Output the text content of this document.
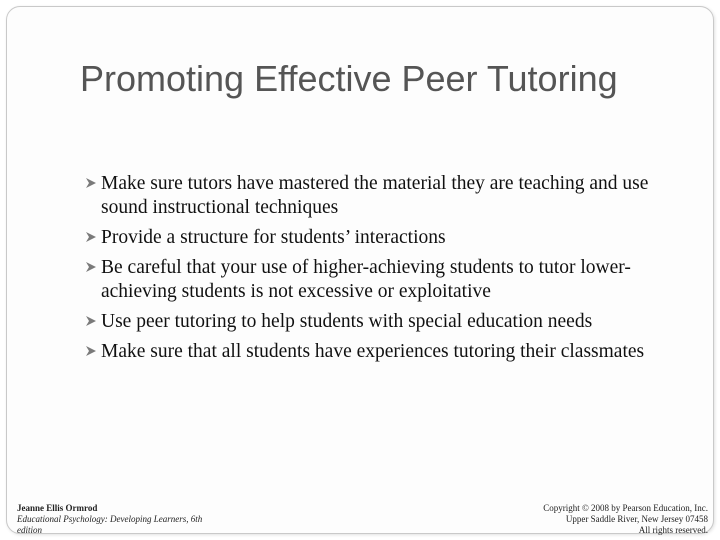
Promoting Effective Peer Tutoring
Make sure tutors have mastered the material they are teaching and use sound instructional techniques
Provide a structure for students’ interactions
Be careful that your use of higher-achieving students to tutor lower-achieving students is not excessive or exploitative
Use peer tutoring to help students with special education needs
Make sure that all students have experiences tutoring their classmates
Jeanne Ellis Ormrod
Educational Psychology: Developing Learners, 6th edition
Copyright © 2008 by Pearson Education, Inc.
Upper Saddle River, New Jersey 07458
All rights reserved.
